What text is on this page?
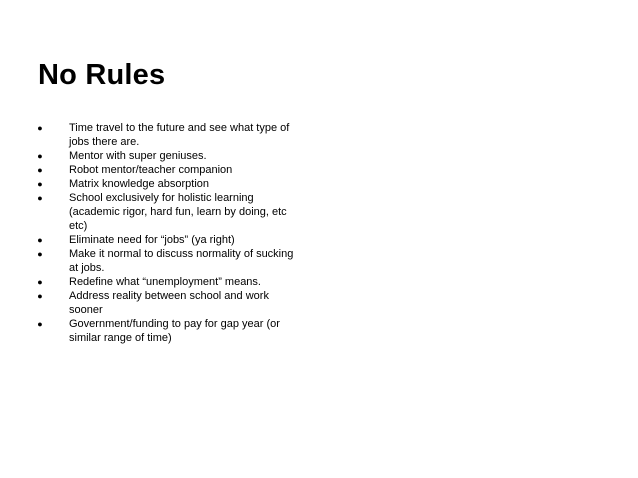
No Rules
● Time travel to the future and see what type of jobs there are.
● Mentor with super geniuses.
● Robot mentor/teacher companion
● Matrix knowledge absorption
● School exclusively for holistic learning (academic rigor, hard fun, learn by doing, etc etc)
● Eliminate need for “jobs” (ya right)
● Make it normal to discuss normality of sucking at jobs.
● Redefine what “unemployment” means.
● Address reality between school and work sooner
● Government/funding to pay for gap year (or similar range of time)
